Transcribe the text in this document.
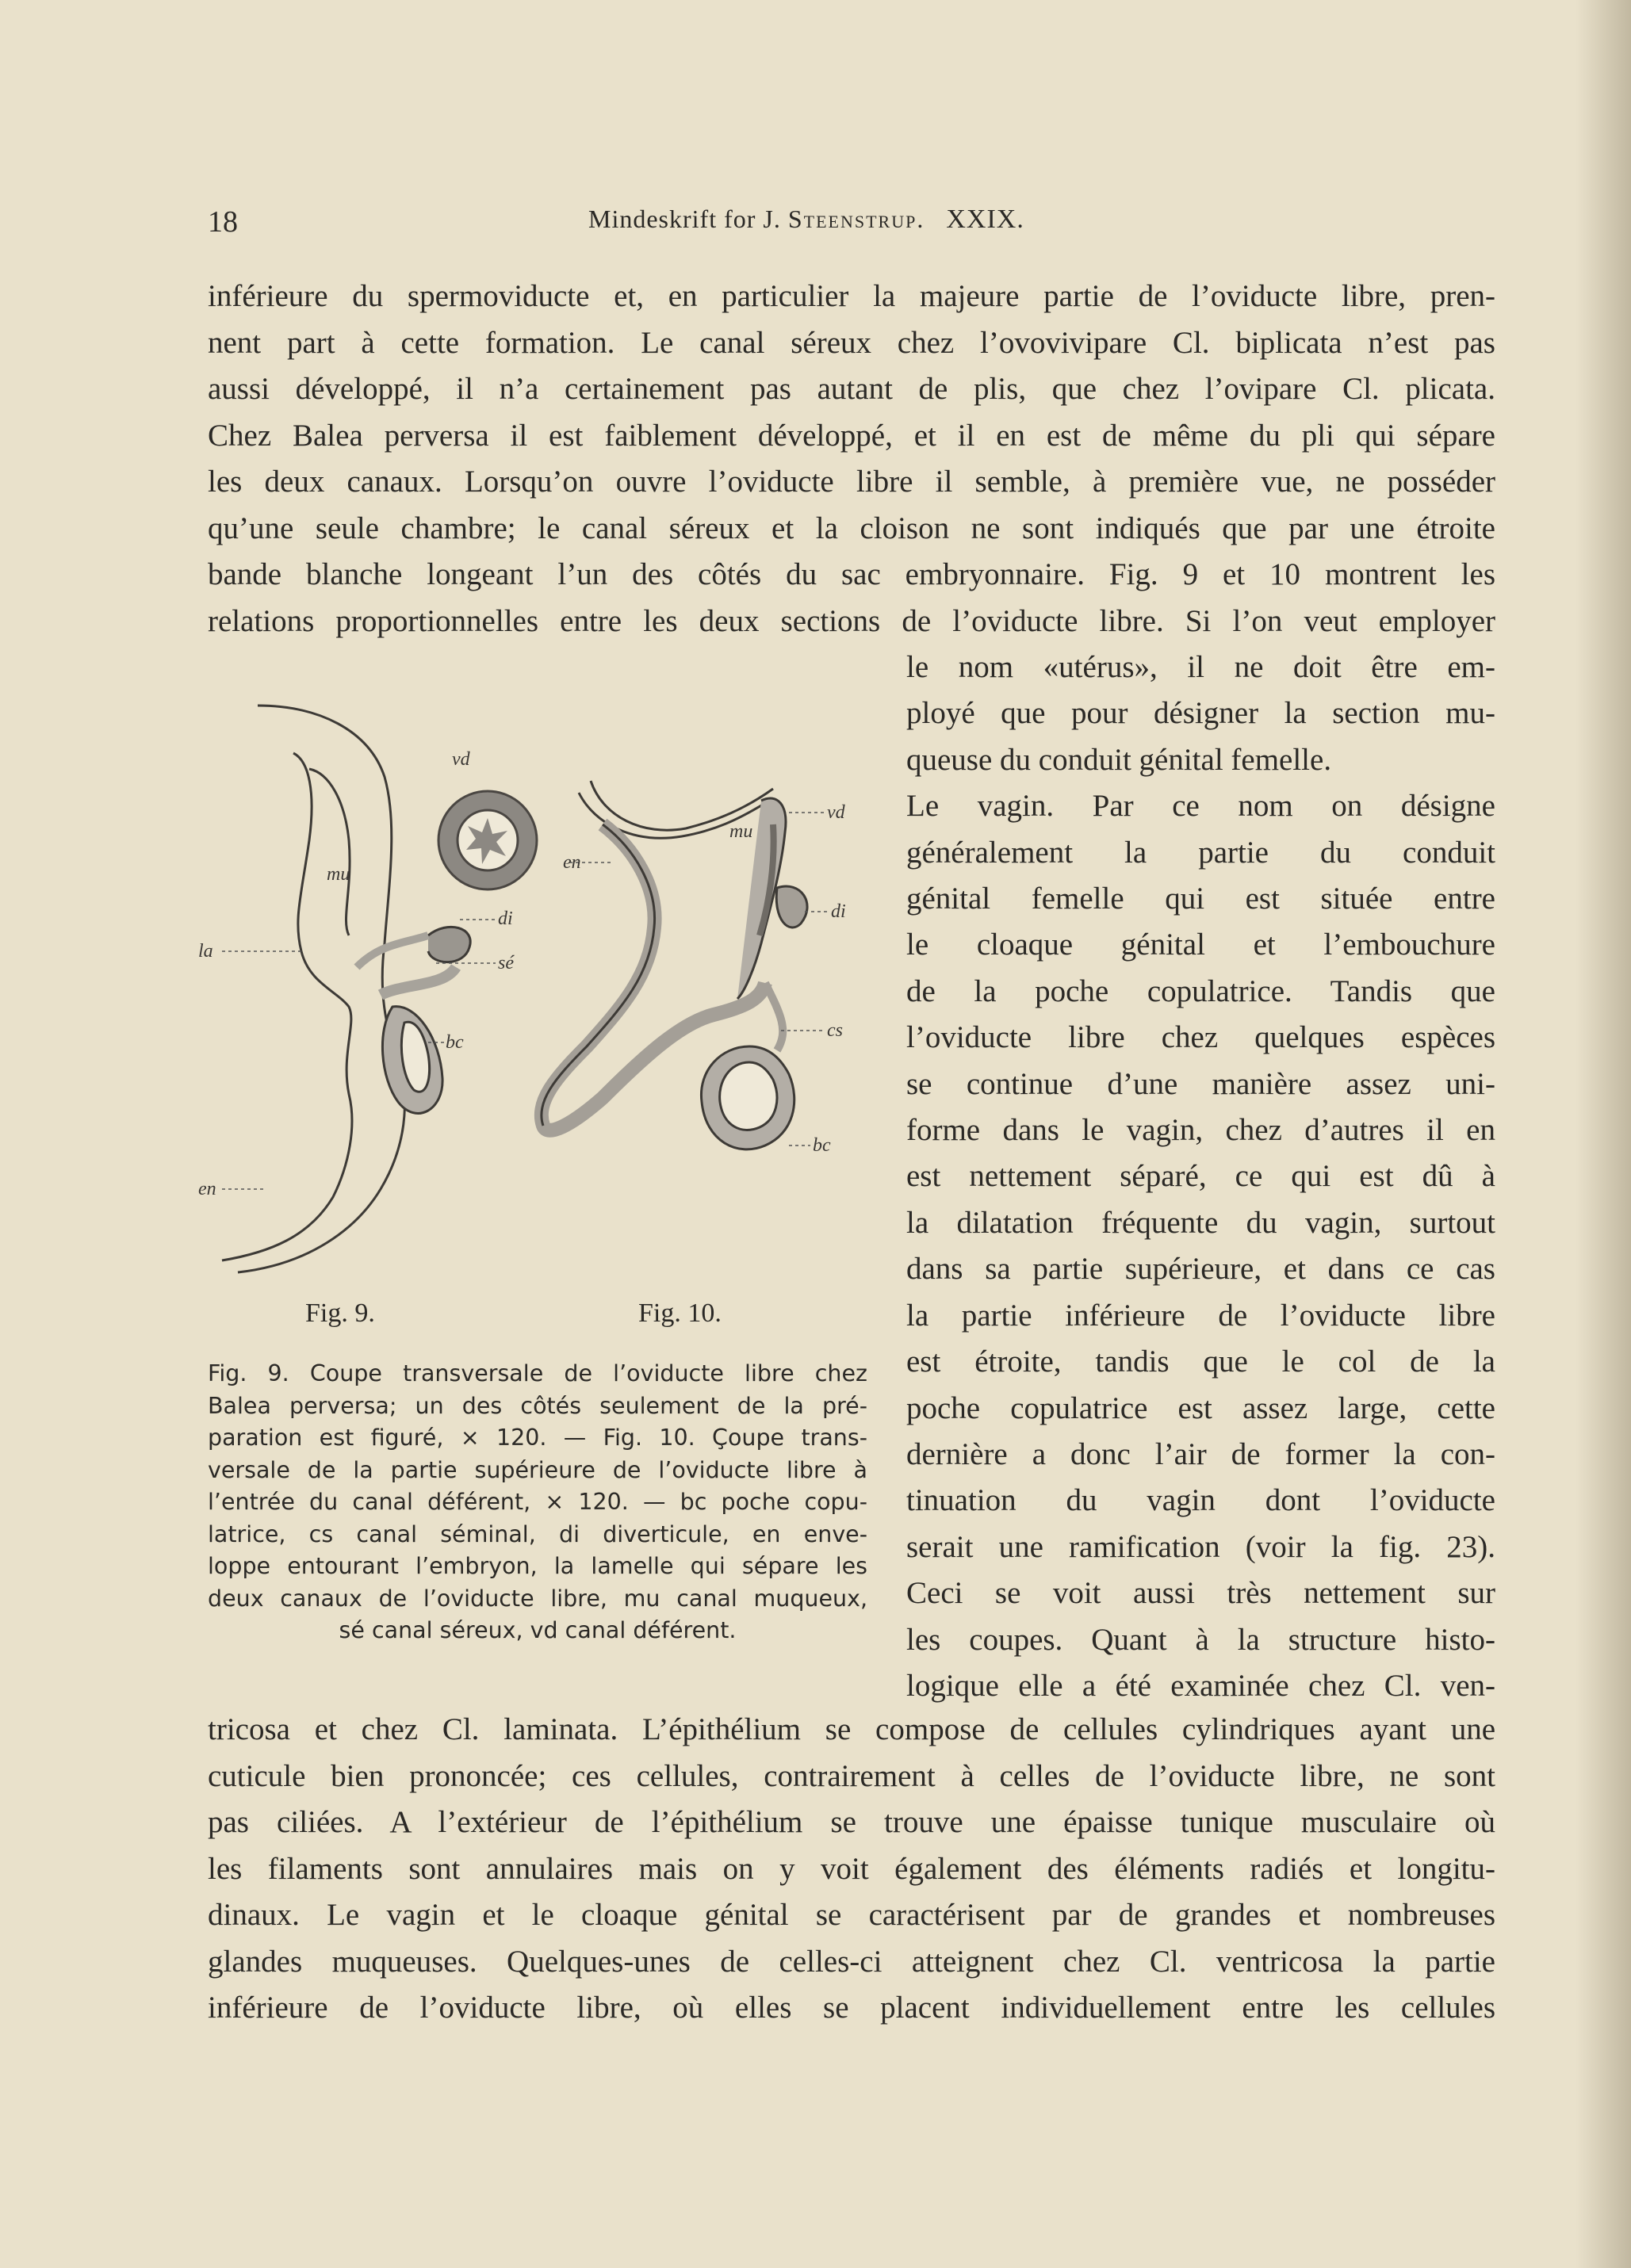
18	Mindeskrift for J. Steenstrup. XXIX.
inférieure du spermoviducte et, en particulier la majeure partie de l’oviducte libre, pren-
nent part à cette formation. Le canal séreux chez l’ovovivipare Cl. biplicata n’est pas
aussi développé, il n’a certainement pas autant de plis, que chez l’ovipare Cl. plicata.
Chez Balea perversa il est faiblement développé, et il en est de même du pli qui sépare
les deux canaux. Lorsqu’on ouvre l’oviducte libre il semble, à première vue, ne posséder
qu’une seule chambre; le canal séreux et la cloison ne sont indiqués que par une étroite
bande blanche longeant l’un des côtés du sac embryonnaire. Fig. 9 et 10 montrent les
relations proportionnelles entre les deux sections de l’oviducte libre. Si l’on veut employer
le nom «utérus», il ne doit être em-
ployé que pour désigner la section mu-
queuse du conduit génital femelle.
Le vagin. Par ce nom on désigne
généralement la partie du conduit
génital femelle qui est située entre
le cloaque génital et l’embouchure
de la poche copulatrice. Tandis que
l’oviducte libre chez quelques espèces
se continue d’une manière assez uni-
forme dans le vagin, chez d’autres il en
est nettement séparé, ce qui est dû à
la dilatation fréquente du vagin, surtout
dans sa partie supérieure, et dans ce cas
la partie inférieure de l’oviducte libre
est étroite, tandis que le col de la
poche copulatrice est assez large, cette
dernière a donc l’air de former la con-
tinuation du vagin dont l’oviducte
serait une ramification (voir la fig. 23).
Ceci se voit aussi très nettement sur
les coupes. Quant à la structure histo-
logique elle a été examinée chez Cl. ven-
vd
mu
di
la
sé
bc
en
en
mu
vd
di
cs
bc
Fig. 9.	Fig. 10.
Fig. 9. Coupe transversale de l’oviducte libre chez
Balea perversa; un des côtés seulement de la pré-
paration est figuré, × 120. — Fig. 10. Çoupe trans-
versale de la partie supérieure de l’oviducte libre à
l’entrée du canal déférent, × 120. — bc poche copu-
latrice, cs canal séminal, di diverticule, en enve-
loppe entourant l’embryon, la lamelle qui sépare les
deux canaux de l’oviducte libre, mu canal muqueux,
sé canal séreux, vd canal déférent.
tricosa et chez Cl. laminata. L’épithélium se compose de cellules cylindriques ayant une
cuticule bien prononcée; ces cellules, contrairement à celles de l’oviducte libre, ne sont
pas ciliées. A l’extérieur de l’épithélium se trouve une épaisse tunique musculaire où
les filaments sont annulaires mais on y voit également des éléments radiés et longitu-
dinaux. Le vagin et le cloaque génital se caractérisent par de grandes et nombreuses
glandes muqueuses. Quelques-unes de celles-ci atteignent chez Cl. ventricosa la partie
inférieure de l’oviducte libre, où elles se placent individuellement entre les cellules
